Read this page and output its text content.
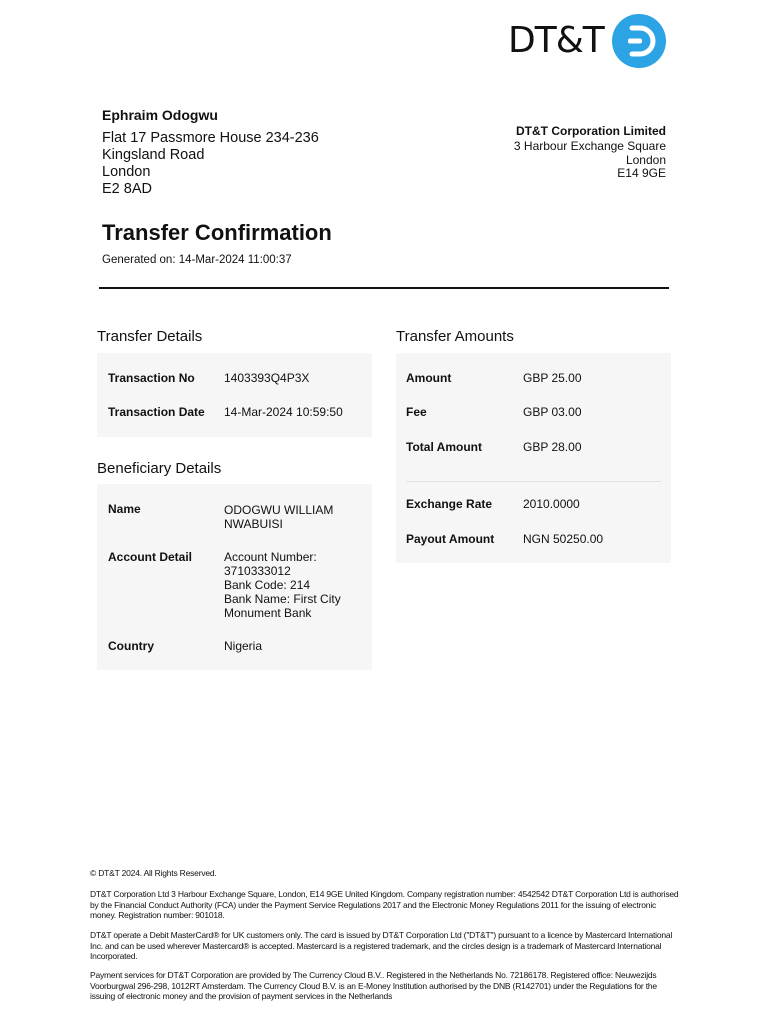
DT&T
Ephraim Odogwu
Flat 17 Passmore House 234-236
Kingsland Road
London
E2 8AD
DT&T Corporation Limited
3 Harbour Exchange Square
London
E14 9GE
Transfer Confirmation
Generated on: 14-Mar-2024 11:00:37
Transfer Details
Transaction No 1403393Q4P3X
Transaction Date 14-Mar-2024 10:59:50
Beneficiary Details
Name	ODOGWU WILLIAM
NWABUISI
Account Detail	Account Number:
3710333012
Bank Code: 214
Bank Name: First City
Monument Bank
Country	Nigeria
Transfer Amounts
Amount	GBP 25.00
Fee	GBP 03.00
Total Amount	GBP 28.00
Exchange Rate	2010.0000
Payout Amount NGN 50250.00
© DT&T 2024. All Rights Reserved.
DT&T Corporation Ltd 3 Harbour Exchange Square, London, E14 9GE United Kingdom. Company registration number: 4542542 DT&T Corporation Ltd is authorised by the Financial Conduct Authority (FCA) under the Payment Service Regulations 2017 and the Electronic Money Regulations 2011 for the issuing of electronic money. Registration number: 901018.
DT&T operate a Debit MasterCard® for UK customers only. The card is issued by DT&T Corporation Ltd ("DT&T") pursuant to a licence by Mastercard International Inc. and can be used wherever Mastercard® is accepted. Mastercard is a registered trademark, and the circles design is a trademark of Mastercard International Incorporated.
Payment services for DT&T Corporation are provided by The Currency Cloud B.V.. Registered in the Netherlands No. 72186178. Registered office: Neuwezijds Voorburgwal 296-298, 1012RT Amsterdam. The Currency Cloud B.V. is an E-Money Institution authorised by the DNB (R142701) under the Regulations for the issuing of electronic money and the provision of payment services in the Netherlands
